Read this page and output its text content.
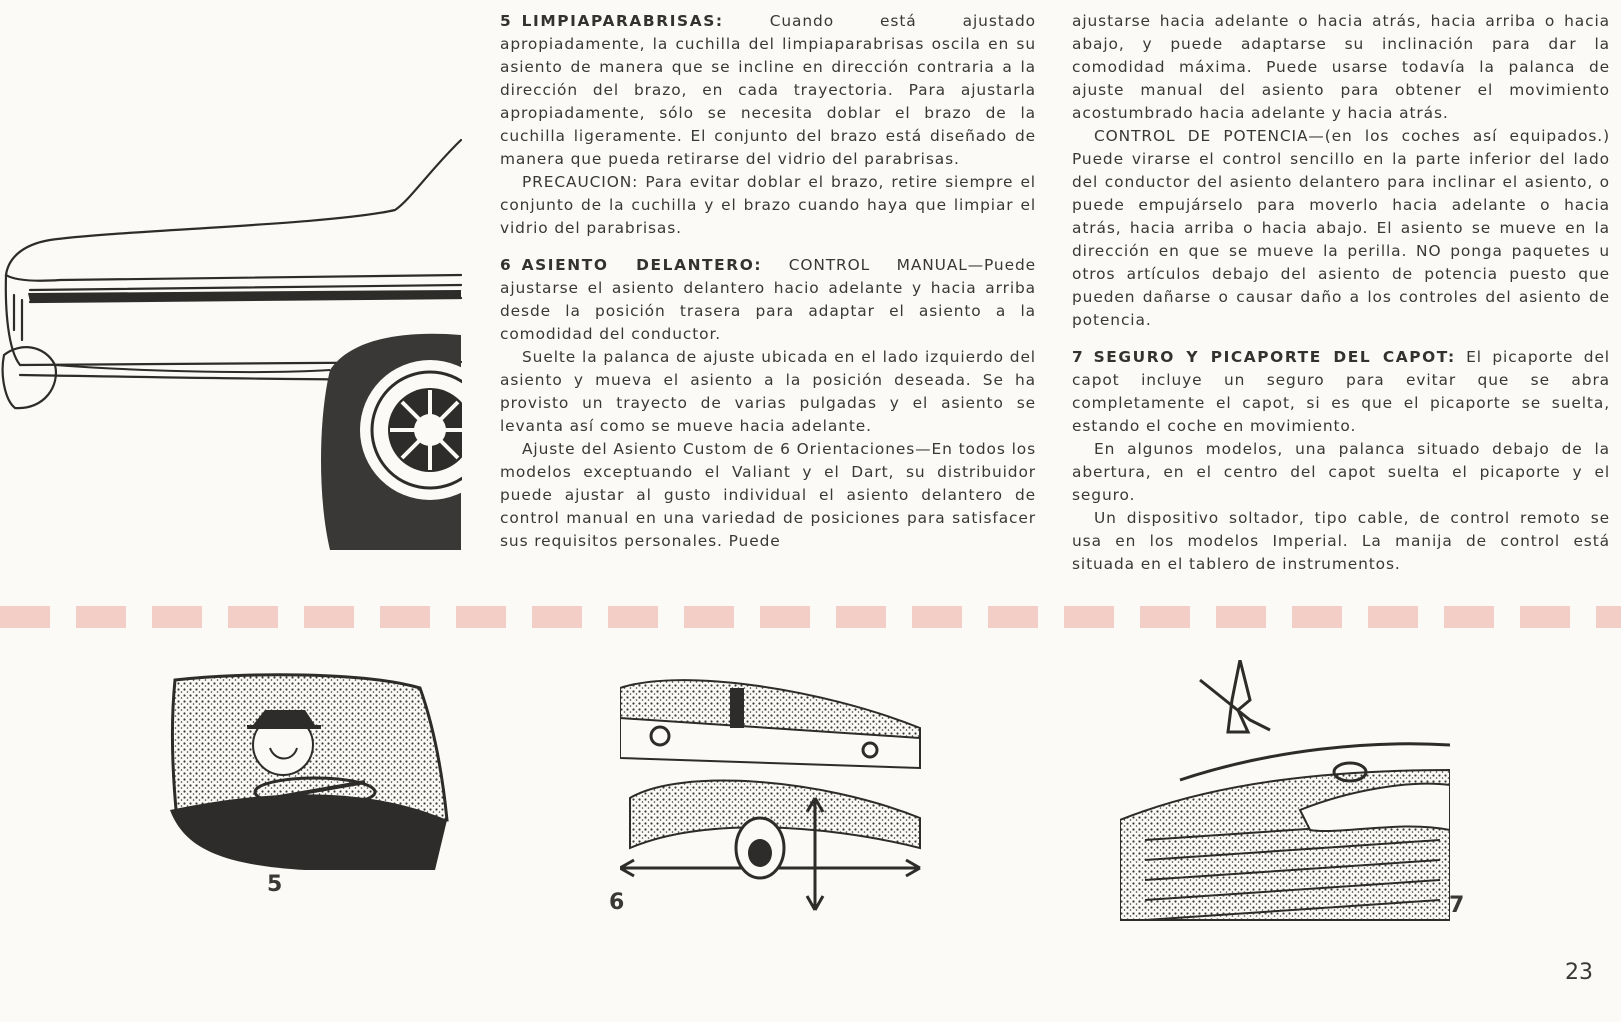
5 LIMPIAPARABRISAS:	Cuando está ajustado apropiadamente, la cuchilla del limpiaparabrisas oscila en su asiento de manera que se incline en dirección contraria a la dirección del brazo, en cada trayectoria. Para ajustarla apropiadamente, sólo se necesita doblar el brazo de la cuchilla ligeramente. El conjunto del brazo está diseñado de manera que pueda retirarse del vidrio del parabrisas.

PRECAUCION: Para evitar doblar el brazo, retire siempre el conjunto de la cuchilla y el brazo cuando haya que limpiar el vidrio del parabrisas.

6 ASIENTO DELANTERO: CONTROL MANUAL—Puede ajustarse el asiento delantero hacio adelante y hacia arriba desde la posición trasera para adaptar el asiento a la comodidad del conductor.

Suelte la palanca de ajuste ubicada en el lado izquierdo del asiento y mueva el asiento a la posición deseada. Se ha provisto un trayecto de varias pulgadas y el asiento se levanta así como se mueve hacia adelante.

Ajuste del Asiento Custom de 6 Orientaciones—En todos los modelos exceptuando el Valiant y el Dart, su distribuidor puede ajustar al gusto individual el asiento delantero de control manual en una variedad de posiciones para satisfacer sus requisitos personales. Puede

ajustarse hacia adelante o hacia atrás, hacia arriba o hacia abajo, y puede adaptarse su inclinación para dar la comodidad máxima. Puede usarse todavía la palanca de ajuste manual del asiento para obtener el movimiento acostumbrado hacia adelante y hacia atrás.

CONTROL DE POTENCIA—(en los coches así equipados.) Puede virarse el control sencillo en la parte inferior del lado del conductor del asiento delantero para inclinar el asiento, o puede empujárselo para moverlo hacia adelante o hacia atrás, hacia arriba o hacia abajo. El asiento se mueve en la dirección en que se mueve la perilla. NO ponga paquetes u otros artículos debajo del asiento de potencia puesto que pueden dañarse o causar daño a los controles del asiento de potencia.

7 SEGURO Y PICAPORTE DEL CAPOT: El picaporte del capot incluye un seguro para evitar que se abra completamente el capot, si es que el picaporte se suelta, estando el coche en movimiento.

En algunos modelos, una palanca situado debajo de la abertura, en el centro del capot suelta el picaporte y el seguro.

Un dispositivo soltador, tipo cable, de control remoto se usa en los modelos Imperial. La manija de control está situada en el tablero de instrumentos.

5
6	7
23
